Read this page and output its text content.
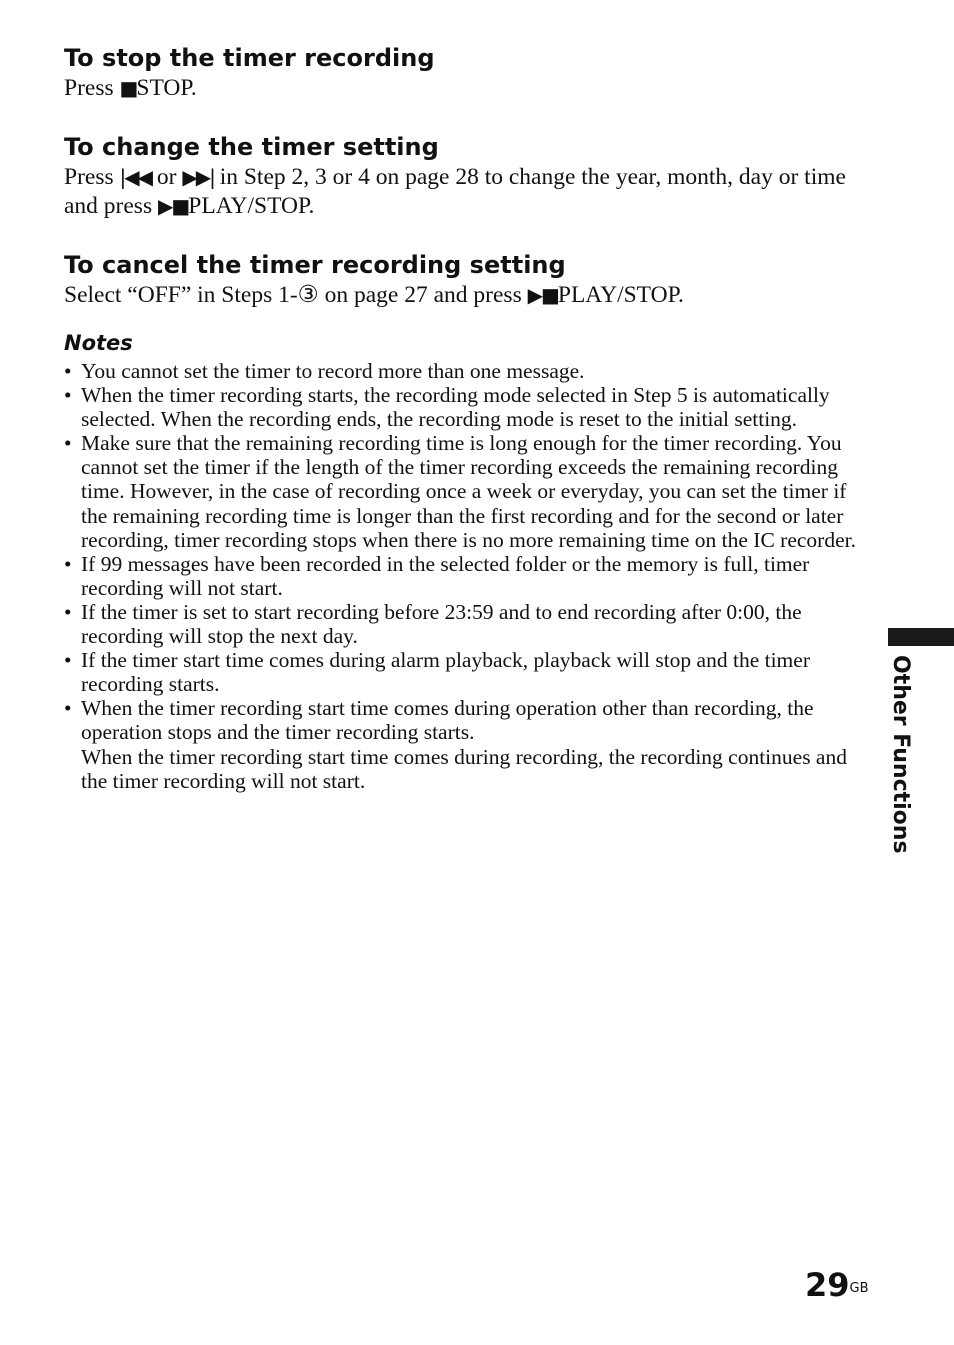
To stop the timer recording

Press ■STOP.

To change the timer setting

Press |◀◀ or ▶▶| in Step 2, 3 or 4 on page 28 to change the year, month, day or time and press ▶■PLAY/STOP.

To cancel the timer recording setting

Select “OFF” in Steps 1-③ on page 27 and press ▶■PLAY/STOP.

Notes
• You cannot set the timer to record more than one message.
• When the timer recording starts, the recording mode selected in Step 5 is automatically selected. When the recording ends, the recording mode is reset to the initial setting.
• Make sure that the remaining recording time is long enough for the timer recording. You cannot set the timer if the length of the timer recording exceeds the remaining recording time. However, in the case of recording once a week or everyday, you can set the timer if the remaining recording time is longer than the first recording and for the second or later recording, timer recording stops when there is no more remaining time on the IC recorder.
• If 99 messages have been recorded in the selected folder or the memory is full, timer recording will not start.
• If the timer is set to start recording before 23:59 and to end recording after 0:00, the recording will stop the next day.
• If the timer start time comes during alarm playback, playback will stop and the timer recording starts.
• When the timer recording start time comes during operation other than recording, the operation stops and the timer recording starts.
When the timer recording start time comes during recording, the recording continues and the timer recording will not start.	Other Functions
$29^{GB}$
